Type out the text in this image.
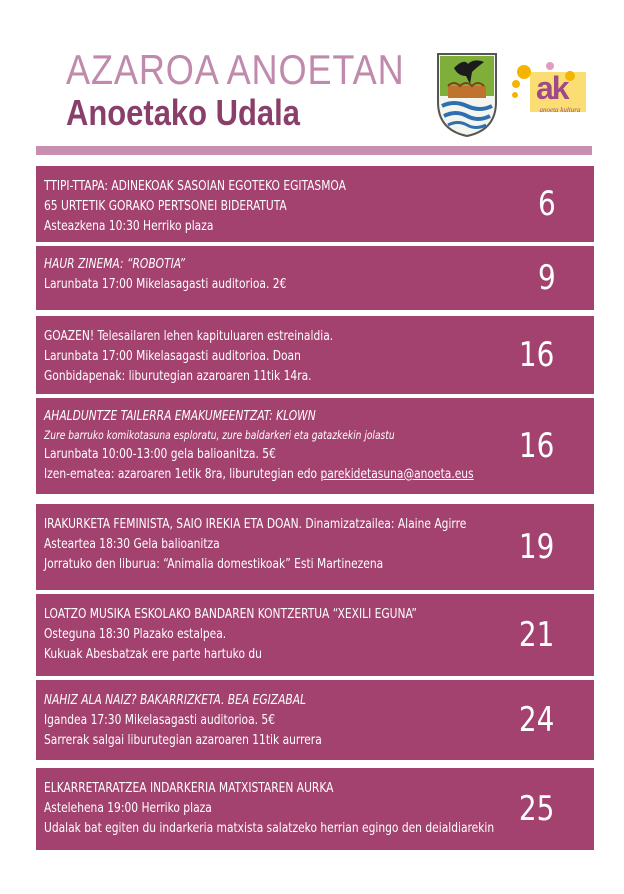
AZAROA ANOETAN
Anoetako Udala
ak
anoeta kultura
TTIPI-TTAPA: ADINEKOAK SASOIAN EGOTEKO EGITASMOA
65 URTETIK GORAKO PERTSONEI BIDERATUTA
Asteazkena 10:30 Herriko plaza
6
HAUR ZINEMA: “ROBOTIA”
Larunbata 17:00 Mikelasagasti auditorioa. 2€	9
GOAZEN! Telesailaren lehen kapituluaren estreinaldia.
Larunbata 17:00 Mikelasagasti auditorioa. Doan
Gonbidapenak: liburutegian azaroaren 11tik 14ra.
16
AHALDUNTZE TAILERRA EMAKUMEENTZAT: KLOWN
Zure barruko komikotasuna esploratu, zure baldarkeri eta gatazkekin jolastu
Larunbata 10:00-13:00 gela balioanitza. 5€
Izen-ematea: azaroaren 1etik 8ra, liburutegian edo parekidetasuna@anoeta.eus
16
IRAKURKETA FEMINISTA, SAIO IREKIA ETA DOAN. Dinamizatzailea: Alaine Agirre
Asteartea 18:30 Gela balioanitza
Jorratuko den liburua: “Animalia domestikoak” Esti Martinezena	19
LOATZO MUSIKA ESKOLAKO BANDAREN KONTZERTUA “XEXILI EGUNA”
Osteguna 18:30 Plazako estalpea.
Kukuak Abesbatzak ere parte hartuko du	21
NAHIZ ALA NAIZ? BAKARRIZKETA. BEA EGIZABAL
Igandea 17:30 Mikelasagasti auditorioa. 5€
Sarrerak salgai liburutegian azaroaren 11tik aurrera	24
ELKARRETARATZEA INDARKERIA MATXISTAREN AURKA
Astelehena 19:00 Herriko plaza
Udalak bat egiten du indarkeria matxista salatzeko herrian egingo den deialdiarekin 25
